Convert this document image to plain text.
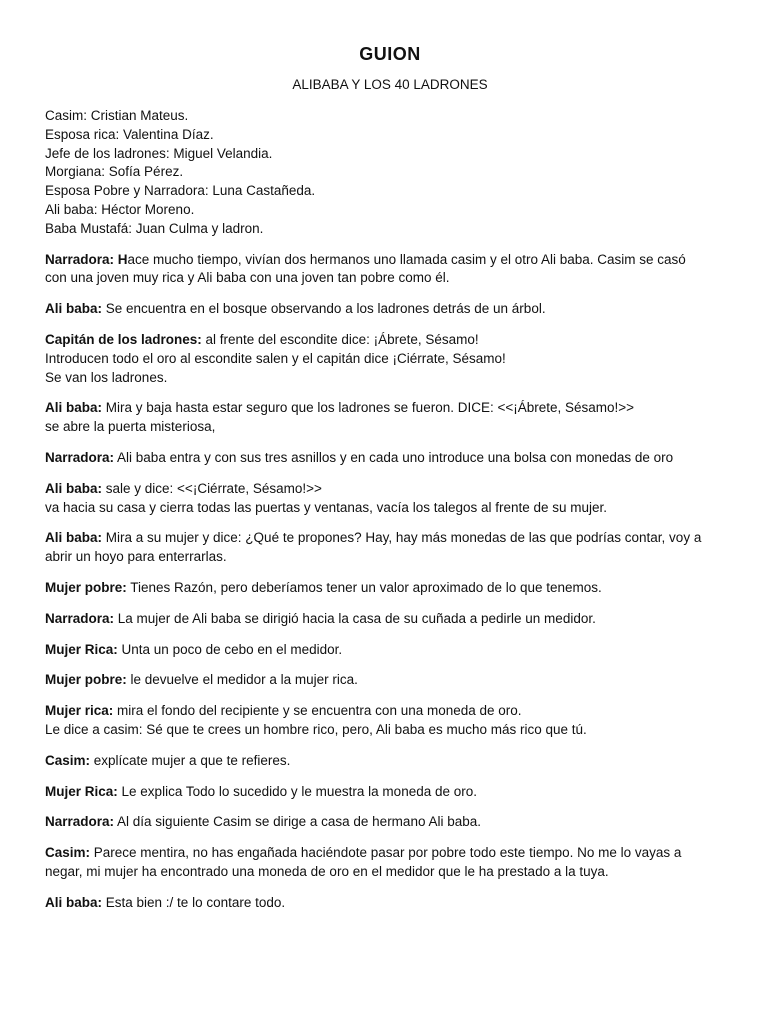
GUION
ALIBABA Y LOS 40 LADRONES
Casim: Cristian Mateus.
Esposa rica: Valentina Díaz.
Jefe de los ladrones: Miguel Velandia.
Morgiana: Sofía Pérez.
Esposa Pobre y Narradora: Luna Castañeda.
Ali baba: Héctor Moreno.
Baba Mustafá: Juan Culma y ladron.
Narradora: Hace mucho tiempo, vivían dos hermanos uno llamada casim y el otro Ali baba. Casim se casó
con una joven muy rica y Ali baba con una joven tan pobre como él.
Ali baba: Se encuentra en el bosque observando a los ladrones detrás de un árbol.
Capitán de los ladrones: al frente del escondite dice: ¡Ábrete, Sésamo!
Introducen todo el oro al escondite salen y el capitán dice ¡Ciérrate, Sésamo!
Se van los ladrones.
Ali baba: Mira y baja hasta estar seguro que los ladrones se fueron. DICE: <<¡Ábrete, Sésamo!>>
se abre la puerta misteriosa,
Narradora: Ali baba entra y con sus tres asnillos y en cada uno introduce una bolsa con monedas de oro
Ali baba: sale y dice: <<¡Ciérrate, Sésamo!>>
va hacia su casa y cierra todas las puertas y ventanas, vacía los talegos al frente de su mujer.
Ali baba: Mira a su mujer y dice: ¿Qué te propones? Hay, hay más monedas de las que podrías contar, voy a
abrir un hoyo para enterrarlas.
Mujer pobre: Tienes Razón, pero deberíamos tener un valor aproximado de lo que tenemos.
Narradora: La mujer de Ali baba se dirigió hacia la casa de su cuñada a pedirle un medidor.
Mujer Rica: Unta un poco de cebo en el medidor.
Mujer pobre: le devuelve el medidor a la mujer rica.
Mujer rica: mira el fondo del recipiente y se encuentra con una moneda de oro.
Le dice a casim: Sé que te crees un hombre rico, pero, Ali baba es mucho más rico que tú.
Casim: explícate mujer a que te refieres.
Mujer Rica: Le explica Todo lo sucedido y le muestra la moneda de oro.
Narradora: Al día siguiente Casim se dirige a casa de hermano Ali baba.
Casim: Parece mentira, no has engañada haciéndote pasar por pobre todo este tiempo. No me lo vayas a
negar, mi mujer ha encontrado una moneda de oro en el medidor que le ha prestado a la tuya.
Ali baba: Esta bien :/ te lo contare todo.
